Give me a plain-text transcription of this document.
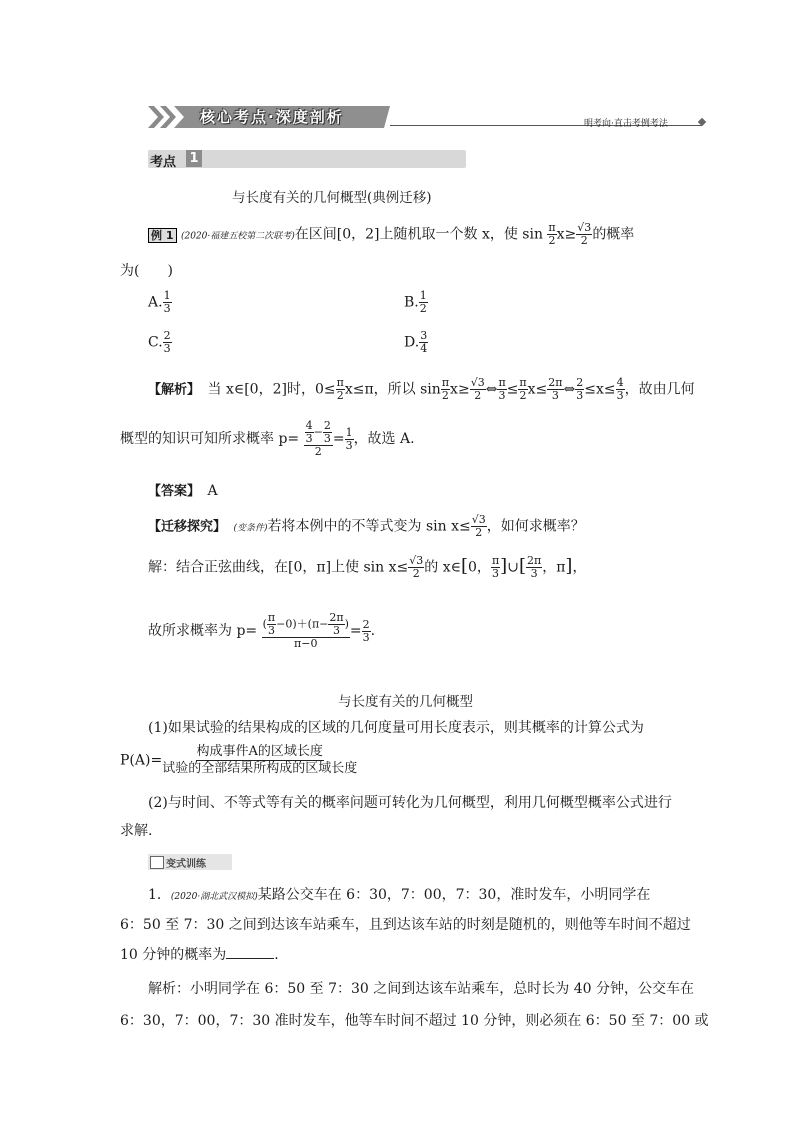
核心考点·深度剖析	明考向·直击考例考法
考点 1
与长度有关的几何概型(典例迁移)
例 1 (2020·福建五校第二次联考)在区间[0，2]上随机取一个数 x，使 $\sin \frac{\pi}{2} x\ge \frac{√3}{2}$ 的概率
为(　　)
A. $\frac{1}{3}$	B. $\frac{1}{2}$
C. $\frac{2}{3}$	D. $\frac{3}{4}$
【解析】　 当 x∈[0，2]时，$0\le \frac{\pi}{2} x\le\pi$，所以 $\sin \frac{\pi}{2} x\ge \frac{√3}{2}$ ⇔ $\frac{\pi}{3} \le \frac{\pi}{2} x\le \frac{2\pi}{3}$ ⇔ $\frac{2}{3} \le x\le \frac{4}{3}$ ，故由几何
概型的知识可知所求概率 $p= \frac{\frac{4}{3} - \frac{2}{3}}{2} = \frac{1}{3}$ ，故选 A.
【答案】　 A
【迁移探究】　 (变条件)若将本例中的不等式变为 $\sin x\le \frac{√3}{2}$ ，如何求概率？
解：结合正弦曲线，在[0，π]上使 $\sin x\le \frac{√3}{2}$ 的 x∈[0， $\frac{\pi}{3}$ ]∪[ $\frac{2\pi}{3}$ ，π]，
故所求概率为 $p= \frac{( \frac{\pi}{3} -0)+(\pi- \frac{2\pi}{3} )}{\pi-0} = \frac{2}{3}$ .
与长度有关的几何概型
(1)如果试验的结果构成的区域的几何度量可用长度表示，则其概率的计算公式为
$P(A)= \frac{\text{构成事件A的区域长度}}{\text{试验的全部结果所构成的区域长度}}$
(2)与时间、不等式等有关的概率问题可转化为几何概型，利用几何概型概率公式进行
求解.
变式训练
1．(2020·湖北武汉模拟)某路公交车在 6：30，7：00，7：30，准时发车，小明同学在
6：50 至 7：30 之间到达该车站乘车，且到达该车站的时刻是随机的，则他等车时间不超过
10 分钟的概率为	.
解析：小明同学在 6：50 至 7：30 之间到达该车站乘车，总时长为 40 分钟，公交车在
6：30，7：00，7：30 准时发车，他等车时间不超过 10 分钟，则必须在 6：50 至 7：00 或
